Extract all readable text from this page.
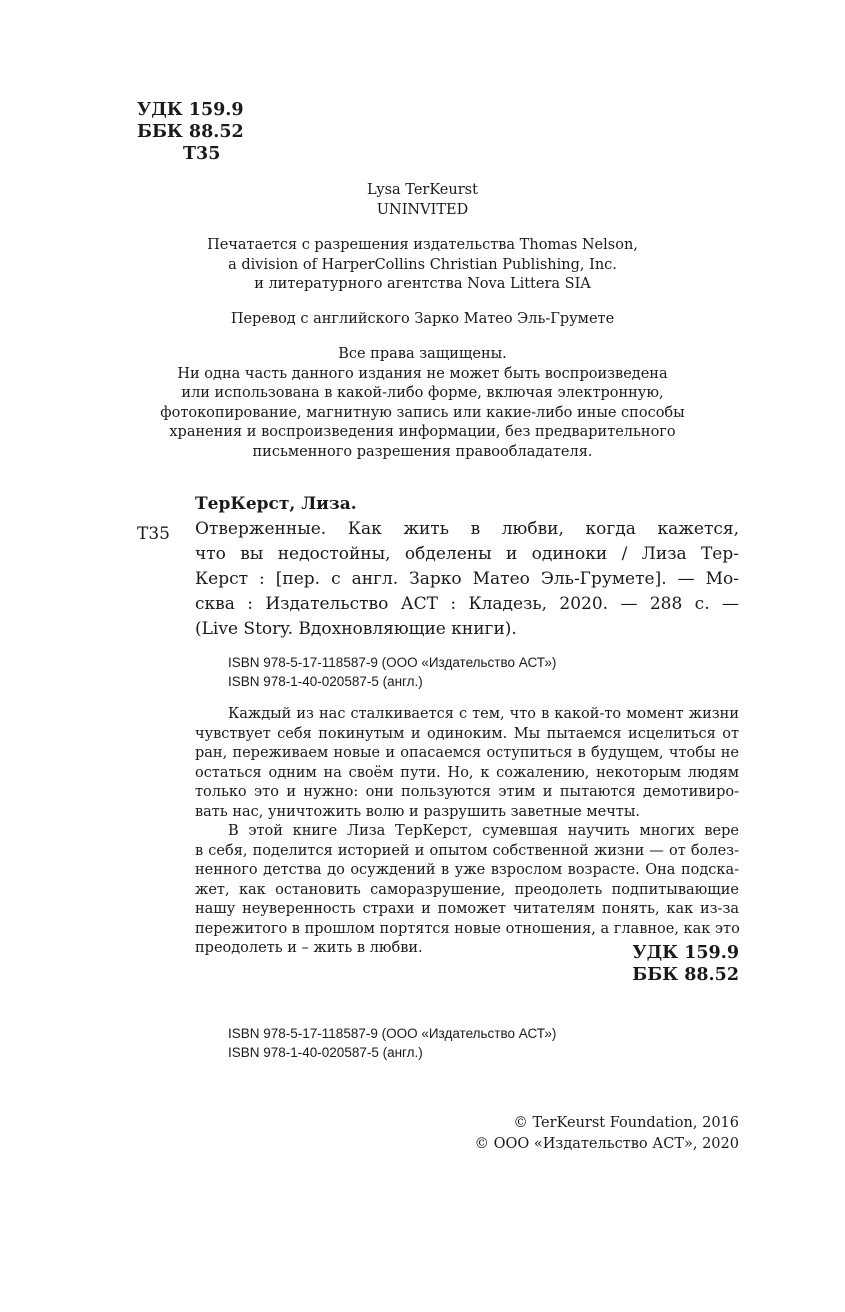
УДК 159.9
ББК 88.52
Т35
Lysa TerKeurst
UNINVITED
Печатается с разрешения издательства Thomas Nelson,
a division of HarperCollins Christian Publishing, Inc.
и литературного агентства Nova Littera SIA
Перевод с английского Зарко Матео Эль-Грумете
Все права защищены.
Ни одна часть данного издания не может быть воспроизведена
или использована в какой-либо форме, включая электронную,
фотокопирование, магнитную запись или какие-либо иные способы
хранения и воспроизведения информации, без предварительного
письменного разрешения правообладателя.
ТерКерст, Лиза.
Т35 Отверженные. Как жить в любви, когда кажется,
что вы недостойны, обделены и одиноки / Лиза Тер-
Керст : [пер. с англ. Зарко Матео Эль-Грумете]. — Мо-
сква : Издательство АСТ : Кладезь, 2020. — 288 с. —
(Live Story. Вдохновляющие книги).
ISBN 978-5-17-118587-9 (ООО «Издательство АСТ»)
ISBN 978-1-40-020587-5 (англ.)
Каждый из нас сталкивается с тем, что в какой-то момент жизни
чувствует себя покинутым и одиноким. Мы пытаемся исцелиться от
ран, переживаем новые и опасаемся оступиться в будущем, чтобы не
остаться одним на своём пути. Но, к сожалению, некоторым людям
только это и нужно: они пользуются этим и пытаются демотивиро-
вать нас, уничтожить волю и разрушить заветные мечты.
В этой книге Лиза ТерКерст, сумевшая научить многих вере
в себя, поделится историей и опытом собственной жизни — от болез-
ненного детства до осуждений в уже взрослом возрасте. Она подска-
жет, как остановить саморазрушение, преодолеть подпитывающие
нашу неуверенность страхи и поможет читателям понять, как из-за
пережитого в прошлом портятся новые отношения, а главное, как это
преодолеть и – жить в любви.	УДК 159.9
ББК 88.52
ISBN 978-5-17-118587-9 (ООО «Издательство АСТ»)
ISBN 978-1-40-020587-5 (англ.)
© TerKeurst Foundation, 2016
© ООО «Издательство АСТ», 2020
